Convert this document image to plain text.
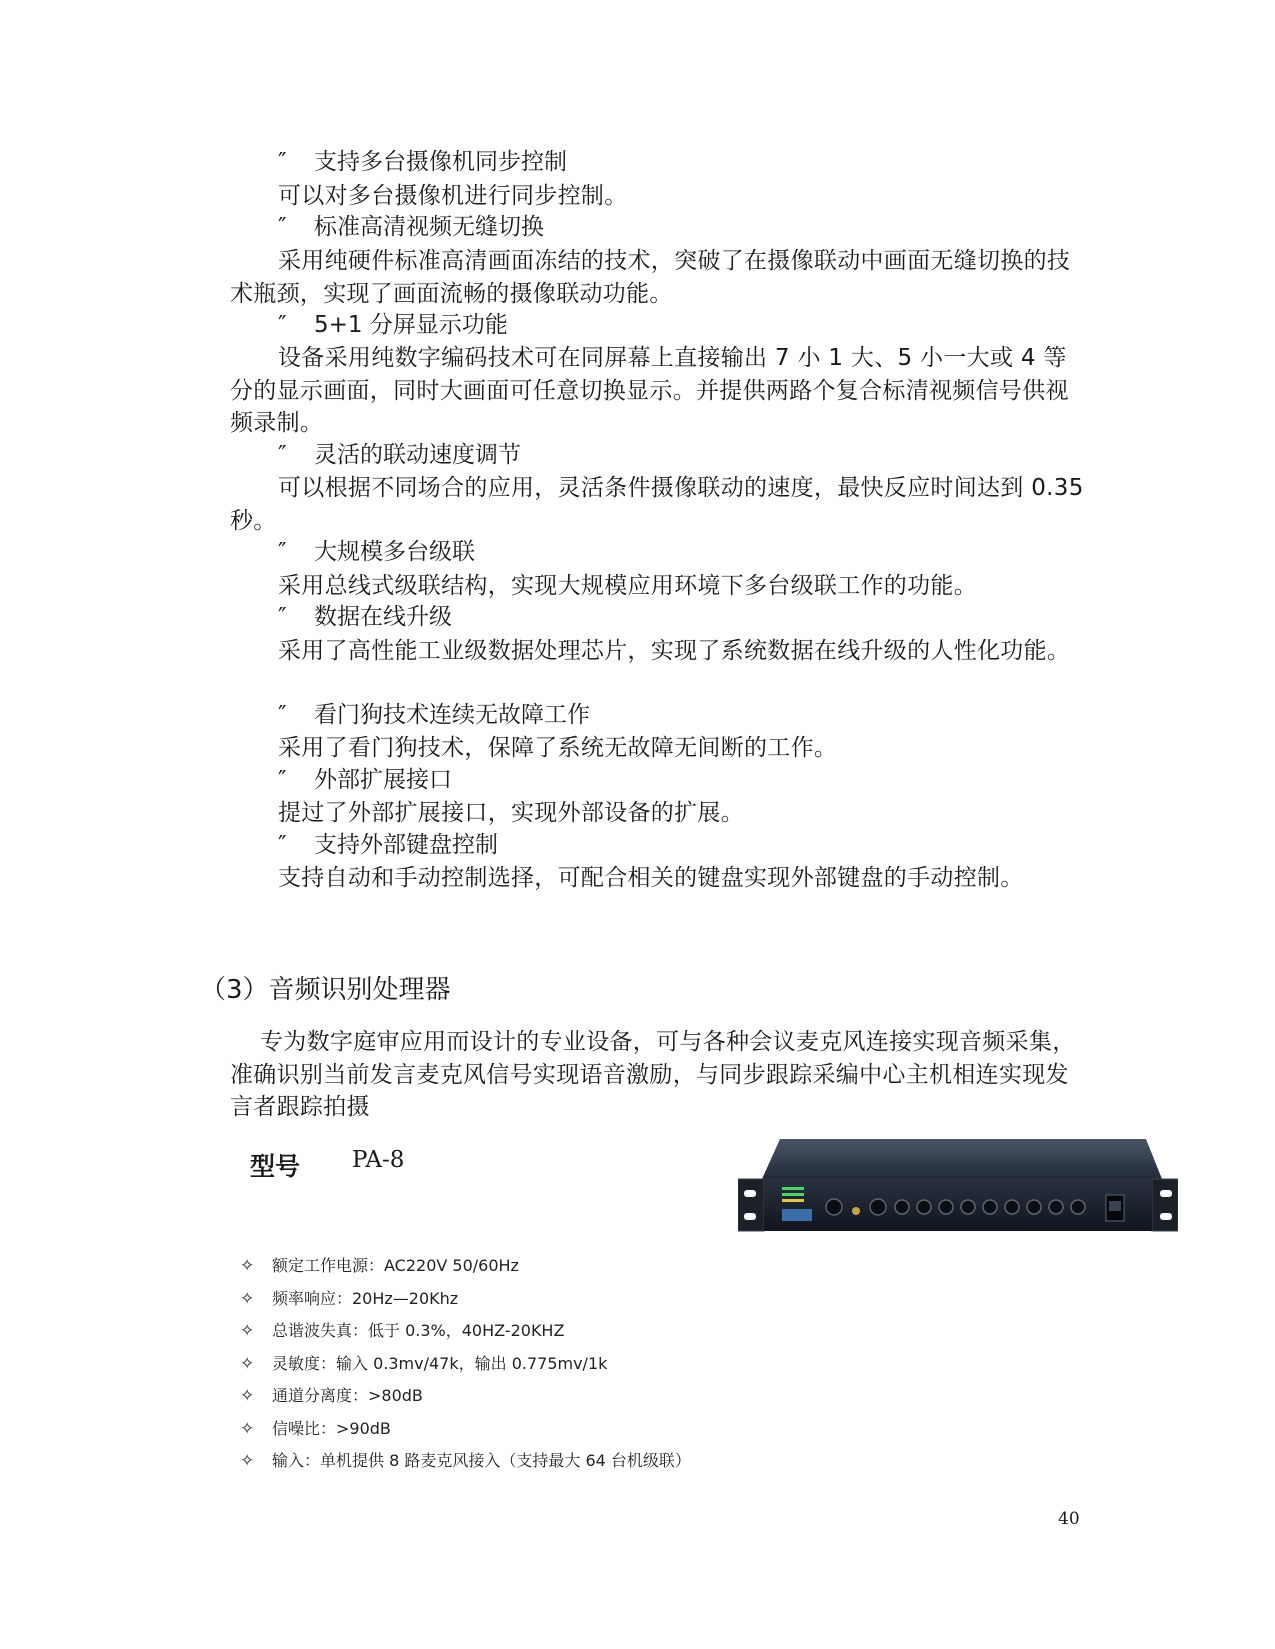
″ 支持多台摄像机同步控制
可以对多台摄像机进行同步控制。
″ 标准高清视频无缝切换
采用纯硬件标准高清画面冻结的技术，突破了在摄像联动中画面无缝切换的技术瓶颈，实现了画面流畅的摄像联动功能。
″ 5+1 分屏显示功能
设备采用纯数字编码技术可在同屏幕上直接输出 7 小 1 大、5 小一大或 4 等分的显示画面，同时大画面可任意切换显示。并提供两路个复合标清视频信号供视频录制。
″ 灵活的联动速度调节
可以根据不同场合的应用，灵活条件摄像联动的速度，最快反应时间达到 0.35 秒。
″ 大规模多台级联
采用总线式级联结构，实现大规模应用环境下多台级联工作的功能。
″ 数据在线升级
采用了高性能工业级数据处理芯片，实现了系统数据在线升级的人性化功能。
″ 看门狗技术连续无故障工作
采用了看门狗技术，保障了系统无故障无间断的工作。
″ 外部扩展接口
提过了外部扩展接口，实现外部设备的扩展。
″ 支持外部键盘控制
支持自动和手动控制选择，可配合相关的键盘实现外部键盘的手动控制。
（3）音频识别处理器
专为数字庭审应用而设计的专业设备，可与各种会议麦克风连接实现音频采集，准确识别当前发言麦克风信号实现语音激励，与同步跟踪采编中心主机相连实现发言者跟踪拍摄
型号 PA-8
✧ 额定工作电源：AC220V 50/60Hz
✧ 频率响应：20Hz—20Khz
✧ 总谐波失真：低于 0.3%，40HZ-20KHZ
✧ 灵敏度：输入 0.3mv/47k，输出 0.775mv/1k
✧ 通道分离度：>80dB
✧ 信噪比：>90dB
✧ 输入：单机提供 8 路麦克风接入（支持最大 64 台机级联）
40
